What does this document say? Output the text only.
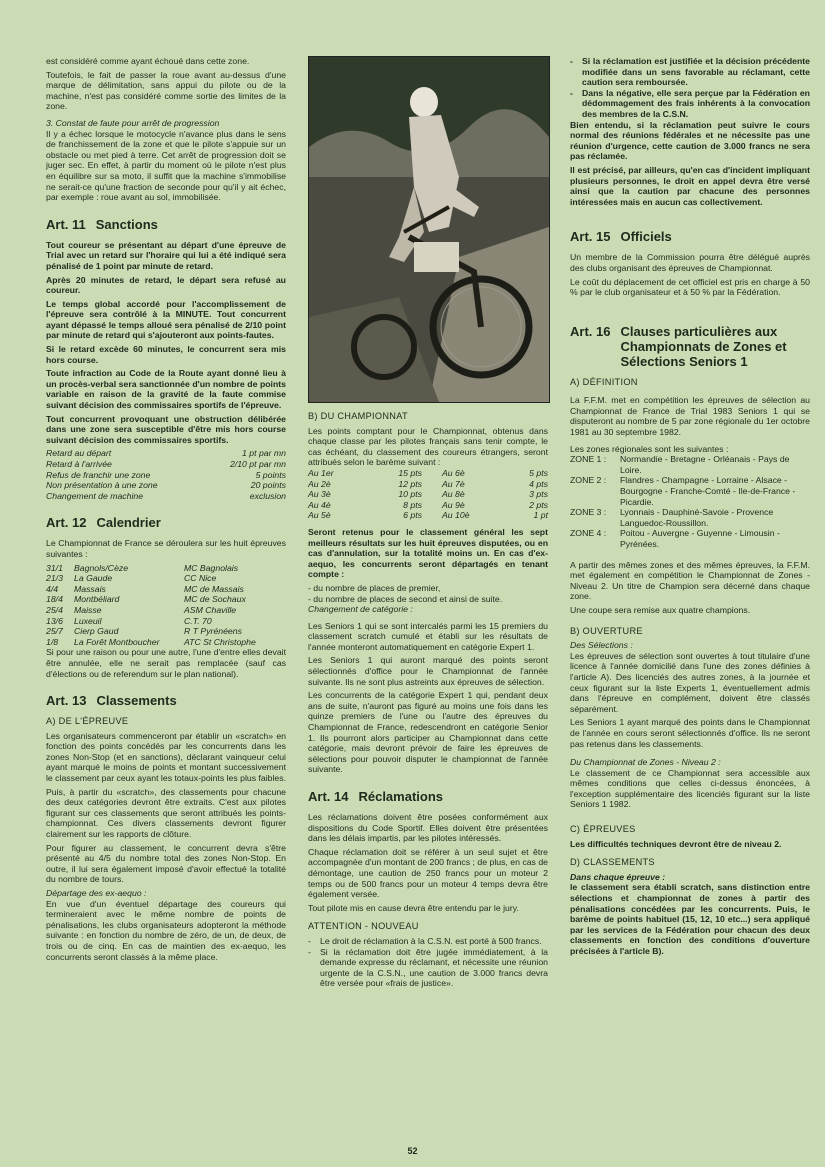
est considéré comme ayant échoué dans cette zone.

Toutefois, le fait de passer la roue avant au-dessus d'une marque de délimitation, sans appui du pilote ou de la machine, n'est pas considéré comme sortie des limites de la zone.

3. Constat de faute pour arrêt de progression

Il y a échec lorsque le motocycle n'avance plus dans le sens de franchissement de la zone et que le pilote s'appuie sur un obstacle ou met pied à terre. Cet arrêt de progression doit se juger sec. En effet, à partir du moment où le pilote n'est plus en équilibre sur sa moto, il suffit que la machine s'immobilise ne serait-ce qu'une fraction de seconde pour qu'il y ait échec, par exemple : roue avant au sol, immobilisée.

Art. 11 Sanctions

Tout coureur se présentant au départ d'une épreuve de Trial avec un retard sur l'horaire qui lui a été indiqué sera pénalisé de 1 point par minute de retard.

Après 20 minutes de retard, le départ sera refusé au coureur.

Le temps global accordé pour l'accomplissement de l'épreuve sera contrôlé à la MINUTE. Tout concurrent ayant dépassé le temps alloué sera pénalisé de 2/10 point par minute de retard qui s'ajouteront aux points-fautes.

Si le retard excède 60 minutes, le concurrent sera mis hors course.

Toute infraction au Code de la Route ayant donné lieu à un procès-verbal sera sanctionnée d'un nombre de points variable en raison de la gravité de la faute commise suivant décision des commissaires sportifs de l'épreuve.

Tout concurrent provoquant une obstruction délibérée dans une zone sera susceptible d'être mis hors course suivant décision des commissaires sportifs.

Retard au départ	1 pt par mn
Retard à l'arrivée	2/10 pt par mn
Refus de franchir une zone	5 points
Non présentation à une zone	20 points
Changement de machine	exclusion
Art. 12 Calendrier

Le Championnat de France se déroulera sur les huit épreuves suivantes :

31/1	Bagnols/Cèze	MC Bagnolais
21/3	La Gaude	CC Nice
4/4	Massais	MC de Massais
18/4	Montbéliard	MC de Sochaux
25/4	Maisse	ASM Chaville
13/6	Luxeuil	C.T. 70
25/7	Cierp Gaud	R T Pyrénéens
1/8	La Forêt Montboucher	ATC St Christophe

Si pour une raison ou pour une autre, l'une d'entre elles devait être annulée, elle ne serait pas remplacée (sauf cas d'élections ou de referendum sur le plan national).

Art. 13 Classements
A) DE L'ÉPREUVE

Les organisateurs commenceront par établir un «scratch» en fonction des points concédés par les concurrents dans les zones Non-Stop (et en sanctions), déclarant vainqueur celui ayant marqué le moins de points et montant successivement le classement par ceux ayant les totaux-points les plus faibles.

Puis, à partir du «scratch», des classements pour chacune des deux catégories devront être extraits. C'est aux pilotes figurant sur ces classements que seront attribués les points-championnat. Ces divers classements devront figurer clairement sur les rapports de clôture.

Pour figurer au classement, le concurrent devra s'être présenté au 4/5 du nombre total des zones Non-Stop. En outre, il lui sera également imposé d'avoir effectué la totalité du nombre de tours.

Départage des ex-aequo :

En vue d'un éventuel départage des coureurs qui termineraient avec le même nombre de points de pénalisations, les clubs organisateurs adopteront la méthode suivante : en fonction du nombre de zéro, de un, de deux, de trois ou de cinq. En cas de maintien des ex-aequo, les concurrents seront classés à la même place.

B) DU CHAMPIONNAT

Les points comptant pour le Championnat, obtenus dans chaque classe par les pilotes français sans tenir compte, le cas échéant, du classement des coureurs étrangers, seront attribués selon le barème suivant :

Au 1er	15 pts	Au 6è	5 pts
Au 2è	12 pts	Au 7è	4 pts
Au 3è	10 pts	Au 8è	3 pts
Au 4è	8 pts	Au 9è	2 pts
Au 5è	6 pts	Au 10è	1 pt

Seront retenus pour le classement général les sept meilleurs résultats sur les huit épreuves disputées, ou en cas d'annulation, sur la totalité moins un. En cas d'ex-aequo, les concurrents seront départagés en tenant compte :

- du nombre de places de premier,

- du nombre de places de second et ainsi de suite.

Changement de catégorie :

Les Seniors 1 qui se sont intercalés parmi les 15 premiers du classement scratch cumulé et établi sur les résultats de l'année monteront automatiquement en catégorie Expert 1.

Les Seniors 1 qui auront marqué des points seront sélectionnés d'office pour le Championnat de l'année suivante. Ils ne sont plus astreints aux épreuves de sélection.

Les concurrents de la catégorie Expert 1 qui, pendant deux ans de suite, n'auront pas figuré au moins une fois dans les quinze premiers de l'une ou l'autre des épreuves du Championnat de France, redescendront en catégorie Senior 1. Ils pourront alors participer au Championnat dans cette catégorie, mais devront prévoir de faire les épreuves de sélections pour pouvoir disputer le championnat de l'année suivante.

Art. 14 Réclamations

Les réclamations doivent être posées conformément aux dispositions du Code Sportif. Elles doivent être présentées dans les délais impartis, par les pilotes intéressés.

Chaque réclamation doit se référer à un seul sujet et être accompagnée d'un montant de 200 francs ; de plus, en cas de démontage, une caution de 250 francs pour un moteur 2 temps ou de 500 francs pour un moteur 4 temps devra être également versée.

Tout pilote mis en cause devra être entendu par le jury.

ATTENTION - NOUVEAU
-	Le droit de réclamation à la C.S.N. est porté à 500 francs.
-	Si la réclamation doit être jugée immédiatement, à la demande expresse du réclamant, et nécessite une réunion urgente de la C.S.N., une caution de 3.000 francs devra être versée pour «frais de justice».
-	Si la réclamation est justifiée et la décision précédente modifiée dans un sens favorable au réclamant, cette caution sera remboursée.
-	Dans la négative, elle sera perçue par la Fédération en dédommagement des frais inhérents à la convocation des membres de la C.S.N.

Bien entendu, si la réclamation peut suivre le cours normal des réunions fédérales et ne nécessite pas une réunion d'urgence, cette caution de 3.000 francs ne sera pas réclamée.

Il est précisé, par ailleurs, qu'en cas d'incident impliquant plusieurs personnes, le droit en appel devra être versé ainsi que la caution par chacune des personnes intéressées mais en aucun cas collectivement.

Art. 15 Officiels

Un membre de la Commission pourra être délégué auprès des clubs organisant des épreuves de Championnat.

Le coût du déplacement de cet officiel est pris en charge à 50 % par le club organisateur et à 50 % par la Fédération.

Art. 16 Clauses particulières aux Championnats de Zones et Sélections Seniors 1
A) DÉFINITION

La F.F.M. met en compétition les épreuves de sélection au Championnat de France de Trial 1983 Seniors 1 qui se disputeront au nombre de 5 par zone régionale du 1er octobre 1981 au 30 septembre 1982.

Les zones régionales sont les suivantes :

ZONE 1 :	Normandie - Bretagne - Orléanais - Pays de Loire.
ZONE 2 :	Flandres - Champagne - Lorraine - Alsace - Bourgogne - Franche-Comté - Ile-de-France - Picardie.
ZONE 3 :	Lyonnais - Dauphiné-Savoie - Provence Languedoc-Roussillon.
ZONE 4 :	Poitou - Auvergne - Guyenne - Limousin - Pyrénées.

A partir des mêmes zones et des mêmes épreuves, la F.F.M. met également en compétition le Championnat de Zones - Niveau 2. Un titre de Champion sera décerné dans chaque zone.

Une coupe sera remise aux quatre champions.

B) OUVERTURE

Des Sélections :

Les épreuves de sélection sont ouvertes à tout titulaire d'une licence à l'année domicilié dans l'une des zones définies à l'article A). Des licenciés des autres zones, à la journée et ceux figurant sur la liste Experts 1, éventuellement admis dans l'épreuve en complément, doivent être classés séparément.

Les Seniors 1 ayant marqué des points dans le Championnat de l'année en cours seront sélectionnés d'office. Ils ne seront pas retenus dans les classements.

Du Championnat de Zones - Niveau 2 :

Le classement de ce Championnat sera accessible aux mêmes conditions que celles ci-dessus énoncées, à l'exception supplémentaire des licenciés figurant sur la liste Seniors 1 1982.

C) ÉPREUVES

Les difficultés techniques devront être de niveau 2.

D) CLASSEMENTS

Dans chaque épreuve :

le classement sera établi scratch, sans distinction entre sélections et championnat de zones à partir des pénalisations concédées par les concurrents. Puis, le barème de points habituel (15, 12, 10 etc...) sera appliqué par les services de la Fédération pour chacun des deux classements en fonction des conditions d'ouverture précisées à l'article B).

52
